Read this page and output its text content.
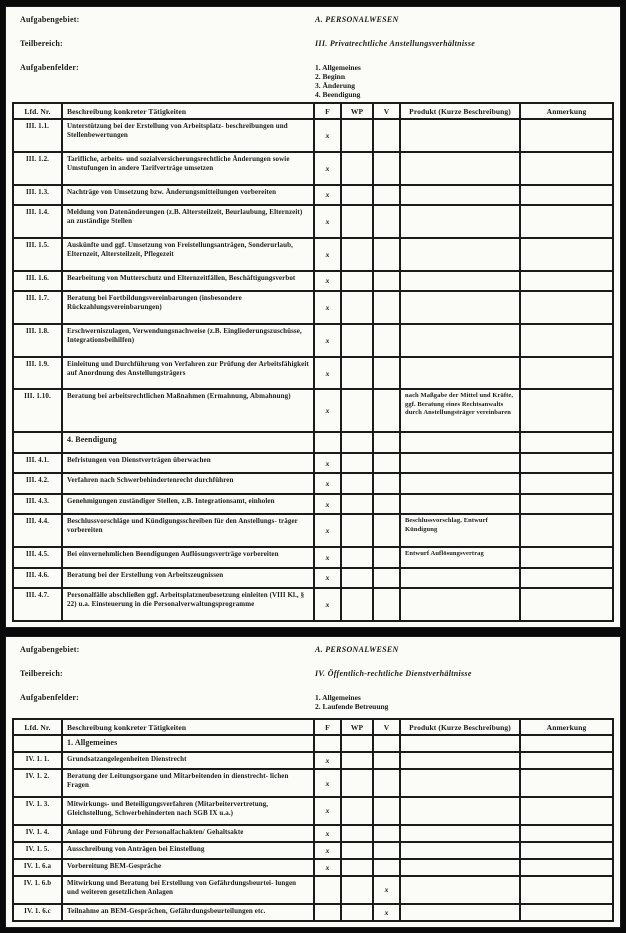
Aufgabengebiet:
Teilbereich:
Aufgabenfelder:
A. PERSONALWESEN
III. Privatrechtliche Anstellungsverhältnisse
1. Allgemeines
2. Beginn
3. Änderung
4. Beendigung
Lfd. Nr.	Beschreibung konkreter Tätigkeiten	F	WP	V	Produkt (Kurze Beschreibung)	Anmerkung
III. 1.1.	Unterstützung bei der Erstellung von Arbeitsplatz- beschreibungen und Stellenbewertungen	x				
III. 1.2.	Tarifliche, arbeits- und sozialversicherungsrechtliche Änderungen sowie Umstufungen in andere Tarifverträge umsetzen	x				
III. 1.3.	Nachträge von Umsetzung bzw. Änderungsmitteilungen vorbereiten	x				
III. 1.4.	Meldung von Datenänderungen (z.B. Altersteilzeit, Beurlaubung, Elternzeit) an zuständige Stellen	x				
III. 1.5.	Auskünfte und ggf. Umsetzung von Freistellungsanträgen, Sonderurlaub, Elternzeit, Altersteilzeit, Pflegezeit	x				
III. 1.6.	Bearbeitung von Mutterschutz und Elternzeitfällen, Beschäftigungsverbot	x				
III. 1.7.	Beratung bei Fortbildungsvereinbarungen (insbesondere Rückzahlungsvereinbarungen)	x				
III. 1.8.	Erschwerniszulagen, Verwendungsnachweise (z.B. Eingliederungszuschüsse, Integrationsbeihilfen)	x				
III. 1.9.	Einleitung und Durchführung von Verfahren zur Prüfung der Arbeitsfähigkeit auf Anordnung des Anstellungsträgers	x				
III. 1.10.	Beratung bei arbeitsrechtlichen Maßnahmen (Ermahnung, Abmahnung)	x			nach Maßgabe der Mittel und Kräfte, ggf. Beratung eines Rechtsanwalts durch Anstellungsträger vereinbaren	
	4. Beendigung					
III. 4.1.	Befristungen von Dienstverträgen überwachen	x				
III. 4.2.	Verfahren nach Schwerbehindertenrecht durchführen	x				
III. 4.3.	Genehmigungen zuständiger Stellen, z.B. Integrationsamt, einholen	x				
III. 4.4.	Beschlussvorschläge und Kündigungsschreiben für den Anstellungs- träger vorbereiten	x			Beschlussvorschlag, Entwurf Kündigung	
III. 4.5.	Bei einvernehmlichen Beendigungen Auflösungsverträge vorbereiten	x			Entwurf Auflösungsvertrag	
III. 4.6.	Beratung bei der Erstellung von Arbeitszeugnissen	x				
III. 4.7.	Personalfälle abschließen ggf. Arbeitsplatzneubesetzung einleiten (VIII Kl., § 22) u.a. Einsteuerung in die Personalverwaltungsprogramme	x				
Aufgabengebiet:
Teilbereich:
Aufgabenfelder:
A. PERSONALWESEN
IV. Öffentlich-rechtliche Dienstverhältnisse
1. Allgemeines
2. Laufende Betreuung
Lfd. Nr.	Beschreibung konkreter Tätigkeiten	F	WP	V	Produkt (Kurze Beschreibung)	Anmerkung
	1. Allgemeines					
IV. 1. 1.	Grundsatzangelegenheiten Dienstrecht	x				
IV. 1. 2.	Beratung der Leitungsorgane und Mitarbeitenden in dienstrecht- lichen Fragen	x				
IV. 1. 3.	Mitwirkungs- und Beteiligungsverfahren (Mitarbeitervertretung, Gleichstellung, Schwerbehinderten nach SGB IX u.a.)	x				
IV. 1. 4.	Anlage und Führung der Personalfachakten/ Gehaltsakte	x				
IV. 1. 5.	Ausschreibung von Anträgen bei Einstellung	x				
IV. 1. 6.a	Vorbereitung BEM-Gespräche	x				
IV. 1. 6.b	Mitwirkung und Beratung bei Erstellung von Gefährdungsbeurtei- lungen und weiteren gesetzlichen Anlagen			x		
IV. 1. 6.c	Teilnahme an BEM-Gesprächen, Gefährdungsbeurteilungen etc.			x		
